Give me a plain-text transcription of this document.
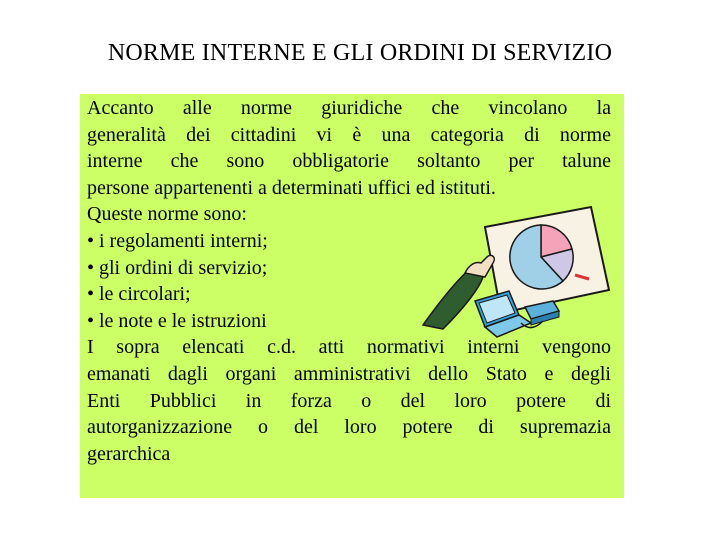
NORME INTERNE E GLI ORDINI DI SERVIZIO
Accanto alle norme giuridiche che vincolano la
generalità dei cittadini vi è una categoria di norme
interne che sono obbligatorie soltanto per talune
persone appartenenti a determinati uffici ed istituti.
Queste norme sono:
• i regolamenti interni;
• gli ordini di servizio;
• le circolari;
• le note e le istruzioni
I sopra elencati c.d. atti normativi interni vengono
emanati dagli organi amministrativi dello Stato e degli
Enti Pubblici in forza o del loro potere di
autorganizzazione o del loro potere di supremazia
gerarchica
